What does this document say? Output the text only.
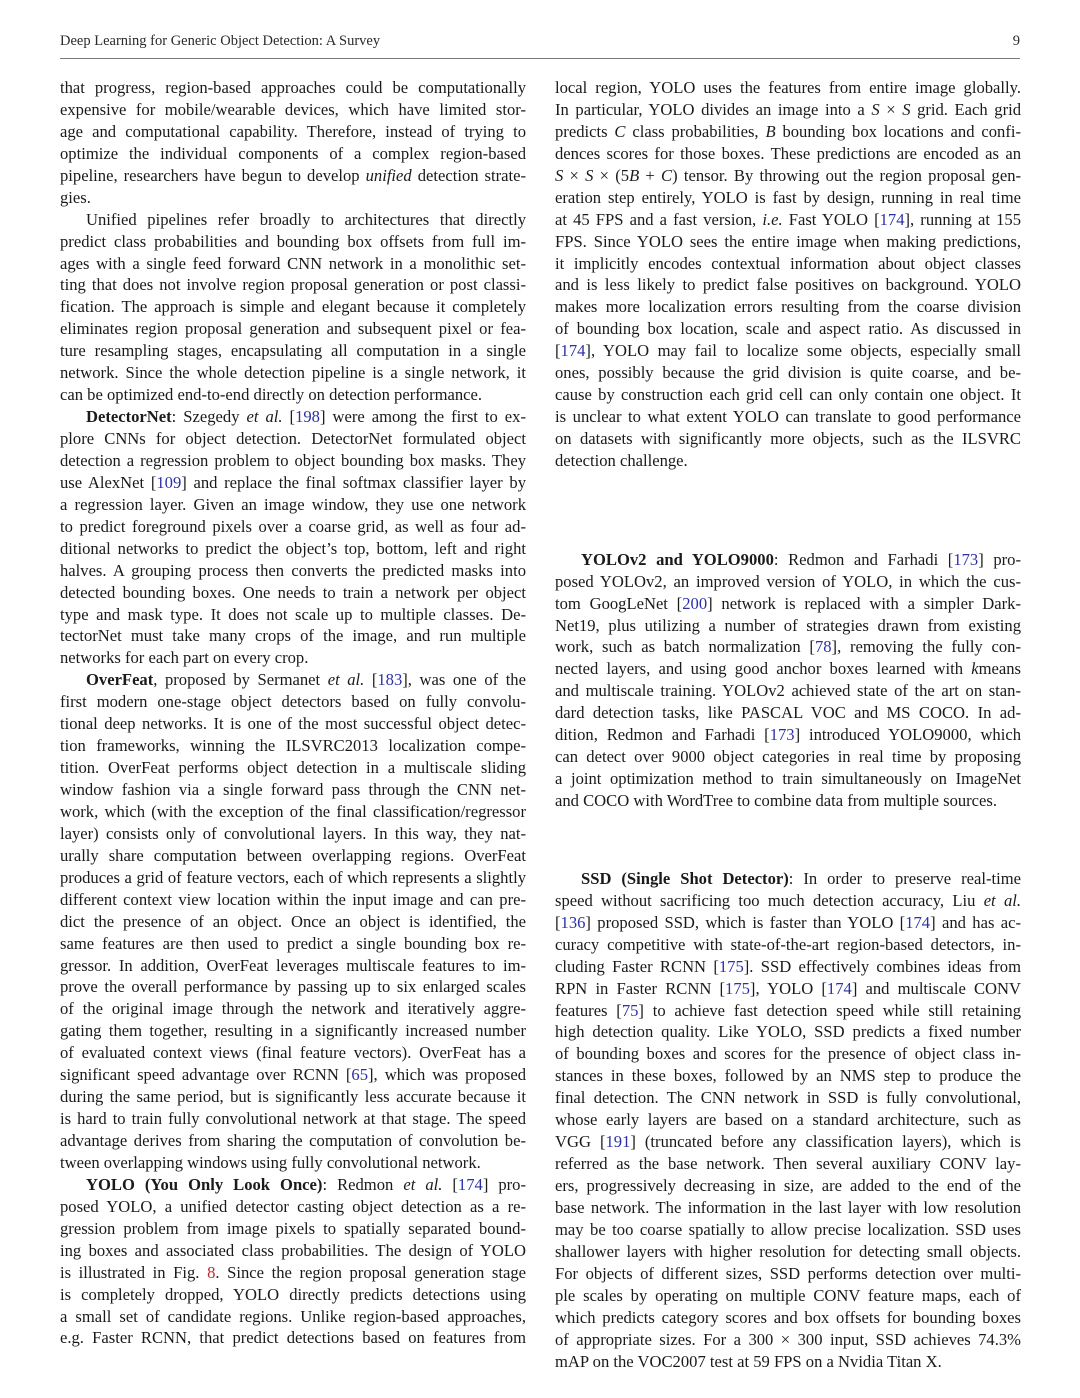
Deep Learning for Generic Object Detection: A Survey	9
that progress, region-based approaches could be computationally
expensive for mobile/wearable devices, which have limited stor-
age and computational capability. Therefore, instead of trying to
optimize the individual components of a complex region-based
pipeline, researchers have begun to develop unified detection strate-
gies.
Unified pipelines refer broadly to architectures that directly
predict class probabilities and bounding box offsets from full im-
ages with a single feed forward CNN network in a monolithic set-
ting that does not involve region proposal generation or post classi-
fication. The approach is simple and elegant because it completely
eliminates region proposal generation and subsequent pixel or fea-
ture resampling stages, encapsulating all computation in a single
network. Since the whole detection pipeline is a single network, it
can be optimized end-to-end directly on detection performance.
DetectorNet: Szegedy et al. [198] were among the first to ex-
plore CNNs for object detection. DetectorNet formulated object
detection a regression problem to object bounding box masks. They
use AlexNet [109] and replace the final softmax classifier layer by
a regression layer. Given an image window, they use one network
to predict foreground pixels over a coarse grid, as well as four ad-
ditional networks to predict the object’s top, bottom, left and right
halves. A grouping process then converts the predicted masks into
detected bounding boxes. One needs to train a network per object
type and mask type. It does not scale up to multiple classes. De-
tectorNet must take many crops of the image, and run multiple
networks for each part on every crop.
OverFeat, proposed by Sermanet et al. [183], was one of the
first modern one-stage object detectors based on fully convolu-
tional deep networks. It is one of the most successful object detec-
tion frameworks, winning the ILSVRC2013 localization compe-
tition. OverFeat performs object detection in a multiscale sliding
window fashion via a single forward pass through the CNN net-
work, which (with the exception of the final classification/regressor
layer) consists only of convolutional layers. In this way, they nat-
urally share computation between overlapping regions. OverFeat
produces a grid of feature vectors, each of which represents a slightly
different context view location within the input image and can pre-
dict the presence of an object. Once an object is identified, the
same features are then used to predict a single bounding box re-
gressor. In addition, OverFeat leverages multiscale features to im-
prove the overall performance by passing up to six enlarged scales
of the original image through the network and iteratively aggre-
gating them together, resulting in a significantly increased number
of evaluated context views (final feature vectors). OverFeat has a
significant speed advantage over RCNN [65], which was proposed
during the same period, but is significantly less accurate because it
is hard to train fully convolutional network at that stage. The speed
advantage derives from sharing the computation of convolution be-
tween overlapping windows using fully convolutional network.
YOLO (You Only Look Once): Redmon et al. [174] pro-
posed YOLO, a unified detector casting object detection as a re-
gression problem from image pixels to spatially separated bound-
ing boxes and associated class probabilities. The design of YOLO
is illustrated in Fig. 8. Since the region proposal generation stage
is completely dropped, YOLO directly predicts detections using
a small set of candidate regions. Unlike region-based approaches,
e.g. Faster RCNN, that predict detections based on features from
local region, YOLO uses the features from entire image globally.
In particular, YOLO divides an image into a S × S grid. Each grid
predicts C class probabilities, B bounding box locations and confi-
dences scores for those boxes. These predictions are encoded as an
S × S × (5B + C) tensor. By throwing out the region proposal gen-
eration step entirely, YOLO is fast by design, running in real time
at 45 FPS and a fast version, i.e. Fast YOLO [174], running at 155
FPS. Since YOLO sees the entire image when making predictions,
it implicitly encodes contextual information about object classes
and is less likely to predict false positives on background. YOLO
makes more localization errors resulting from the coarse division
of bounding box location, scale and aspect ratio. As discussed in
[174], YOLO may fail to localize some objects, especially small
ones, possibly because the grid division is quite coarse, and be-
cause by construction each grid cell can only contain one object. It
is unclear to what extent YOLO can translate to good performance
on datasets with significantly more objects, such as the ILSVRC
detection challenge.
YOLOv2 and YOLO9000: Redmon and Farhadi [173] pro-
posed YOLOv2, an improved version of YOLO, in which the cus-
tom GoogLeNet [200] network is replaced with a simpler Dark-
Net19, plus utilizing a number of strategies drawn from existing
work, such as batch normalization [78], removing the fully con-
nected layers, and using good anchor boxes learned with kmeans
and multiscale training. YOLOv2 achieved state of the art on stan-
dard detection tasks, like PASCAL VOC and MS COCO. In ad-
dition, Redmon and Farhadi [173] introduced YOLO9000, which
can detect over 9000 object categories in real time by proposing
a joint optimization method to train simultaneously on ImageNet
and COCO with WordTree to combine data from multiple sources.
SSD (Single Shot Detector): In order to preserve real-time
speed without sacrificing too much detection accuracy, Liu et al.
[136] proposed SSD, which is faster than YOLO [174] and has ac-
curacy competitive with state-of-the-art region-based detectors, in-
cluding Faster RCNN [175]. SSD effectively combines ideas from
RPN in Faster RCNN [175], YOLO [174] and multiscale CONV
features [75] to achieve fast detection speed while still retaining
high detection quality. Like YOLO, SSD predicts a fixed number
of bounding boxes and scores for the presence of object class in-
stances in these boxes, followed by an NMS step to produce the
final detection. The CNN network in SSD is fully convolutional,
whose early layers are based on a standard architecture, such as
VGG [191] (truncated before any classification layers), which is
referred as the base network. Then several auxiliary CONV lay-
ers, progressively decreasing in size, are added to the end of the
base network. The information in the last layer with low resolution
may be too coarse spatially to allow precise localization. SSD uses
shallower layers with higher resolution for detecting small objects.
For objects of different sizes, SSD performs detection over multi-
ple scales by operating on multiple CONV feature maps, each of
which predicts category scores and box offsets for bounding boxes
of appropriate sizes. For a 300 × 300 input, SSD achieves 74.3%
mAP on the VOC2007 test at 59 FPS on a Nvidia Titan X.
